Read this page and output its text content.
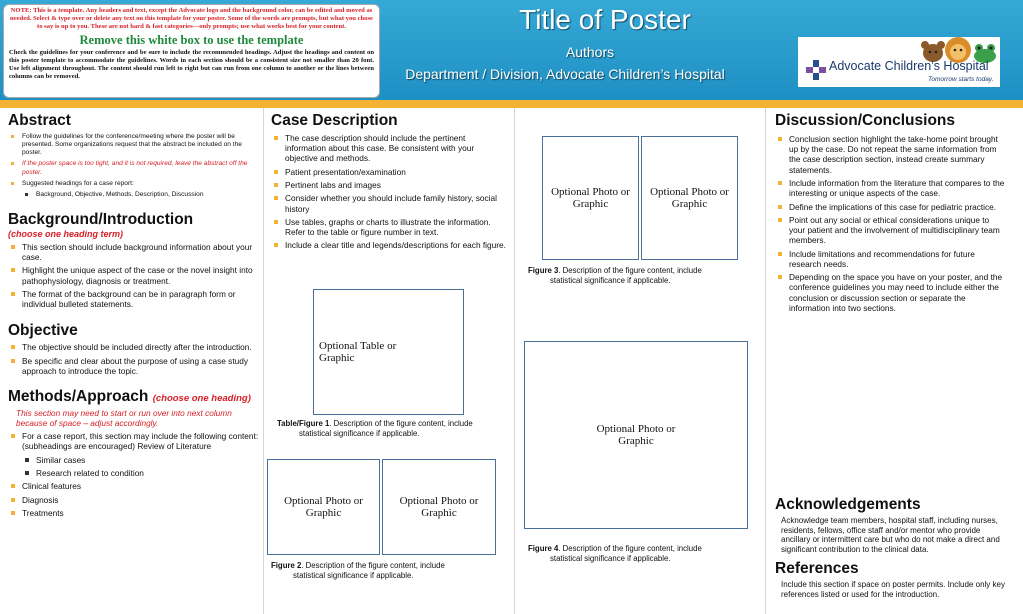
NOTE: This is a template. Any headers and text, except the Advocate logo and the background color, can be edited and moved as needed. Select & type over or delete any text on this template for your poster. Some of the words are prompts, but what you chose to say is up to you. These are not hard & fast categories—only prompts; use what works best for your content.
Remove this white box to use the template
Check the guidelines for your conference and be sure to include the recommended headings. Adjust the headings and content on this poster template to accommodate the guidelines. Words in each section should be a consistent size not smaller than 20 font. Use left alignment throughout. The content should run left to right but can run from one column to another or the lines between columns can be removed.
Title of Poster
Authors
Department / Division, Advocate Children’s Hospital	Advocate Children’s Hospital
Tomorrow starts today.
Abstract
Follow the guidelines for the conference/meeting where the poster will be presented. Some organizations request that the abstract be included on the poster.
If the poster space is too tight, and it is not required, leave the abstract off the poster.
Suggested headings for a case report:
Background, Objective, Methods, Description, Discussion
Background/Introduction
(choose one heading term)
This section should include background information about your case.
Highlight the unique aspect of the case or the novel insight into pathophysiology, diagnosis or treatment.
The format of the background can be in paragraph form or individual bulleted statements.
Objective
The objective should be included directly after the introduction.
Be specific and clear about the purpose of using a case study approach to introduce the topic.
Methods/Approach (choose one heading)
This section may need to start or run over into next column because of space – adjust accordingly.
For a case report, this section may include the following content: (subheadings are encouraged) Review of Literature
Similar cases
Research related to condition
Clinical features
Diagnosis
Treatments
Case Description
The case description should include the pertinent information about this case. Be consistent with your objective and methods.
Patient presentation/examination
Pertinent labs and images
Consider whether you should include family history, social history
Use tables, graphs or charts to illustrate the information. Refer to the table or figure number in text.
Include a clear title and legends/descriptions for each figure.
Optional Table or Graphic
Table/Figure 1. Description of the figure content, include
statistical significance if applicable.
Optional Photo or Graphic
Optional Photo or Graphic
Figure 2. Description of the figure content, include
statistical significance if applicable.
Optional Photo or Graphic
Optional Photo or Graphic
Figure 3. Description of the figure content, include
statistical significance if applicable.
Optional Photo or Graphic
Figure 4. Description of the figure content, include
statistical significance if applicable.
Discussion/Conclusions
Conclusion section highlight the take-home point brought up by the case. Do not repeat the same information from the case description section, instead create summary statements.
Include information from the literature that compares to the interesting or unique aspects of the case.
Define the implications of this case for pediatric practice.
Point out any social or ethical considerations unique to your patient and the involvement of multidisciplinary team members.
Include limitations and recommendations for future research needs.
Depending on the space you have on your poster, and the conference guidelines you may need to include either the conclusion or discussion section or separate the information into two sections.
Acknowledgements
Acknowledge team members, hospital staff, including nurses, residents, fellows, office staff and/or mentor who provide ancillary or intermittent care but who do not make a direct and significant contribution to the clinical data.
References
Include this section if space on poster permits. Include only key references listed or used for the introduction.
